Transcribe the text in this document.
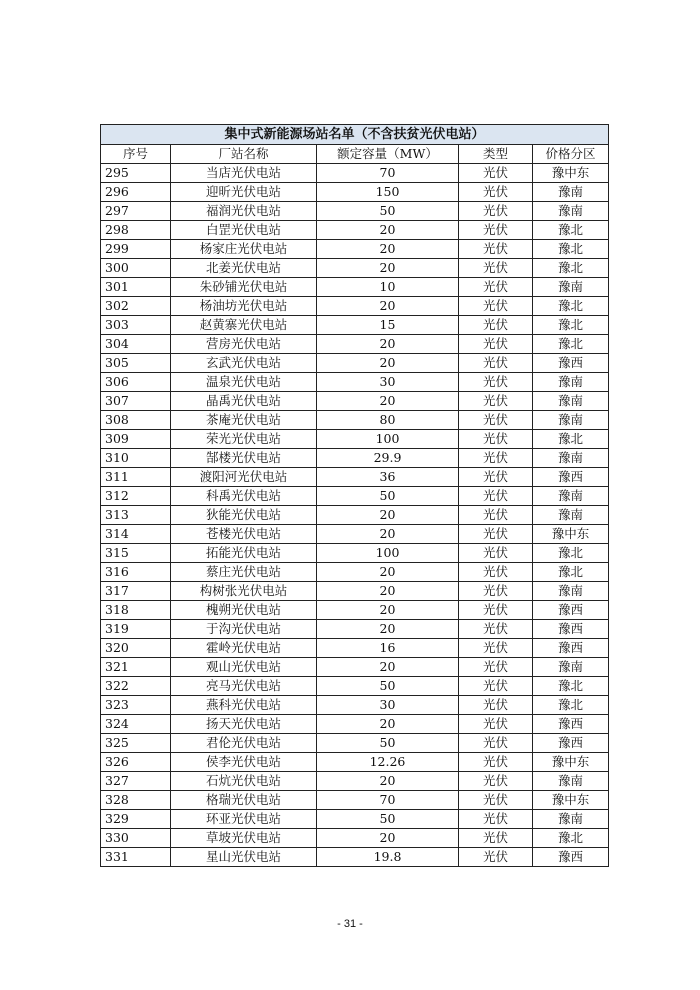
集中式新能源场站名单（不含扶贫光伏电站）				
序号	厂站名称	额定容量（MW）	类型	价格分区
295	当店光伏电站	70	光伏	豫中东
296	迎昕光伏电站	150	光伏	豫南
297	福润光伏电站	50	光伏	豫南
298	白罡光伏电站	20	光伏	豫北
299	杨家庄光伏电站	20	光伏	豫北
300	北姜光伏电站	20	光伏	豫北
301	朱砂铺光伏电站	10	光伏	豫南
302	杨油坊光伏电站	20	光伏	豫北
303	赵黄寨光伏电站	15	光伏	豫北
304	营房光伏电站	20	光伏	豫北
305	玄武光伏电站	20	光伏	豫西
306	温泉光伏电站	30	光伏	豫南
307	晶禹光伏电站	20	光伏	豫南
308	茶庵光伏电站	80	光伏	豫南
309	荣光光伏电站	100	光伏	豫北
310	郜楼光伏电站	29.9	光伏	豫南
311	渡阳河光伏电站	36	光伏	豫西
312	科禹光伏电站	50	光伏	豫南
313	狄能光伏电站	20	光伏	豫南
314	苍楼光伏电站	20	光伏	豫中东
315	拓能光伏电站	100	光伏	豫北
316	蔡庄光伏电站	20	光伏	豫北
317	构树张光伏电站	20	光伏	豫南
318	槐朔光伏电站	20	光伏	豫西
319	于沟光伏电站	20	光伏	豫西
320	霍岭光伏电站	16	光伏	豫西
321	观山光伏电站	20	光伏	豫南
322	亮马光伏电站	50	光伏	豫北
323	燕科光伏电站	30	光伏	豫北
324	扬天光伏电站	20	光伏	豫西
325	君伦光伏电站	50	光伏	豫西
326	侯李光伏电站	12.26	光伏	豫中东
327	石炕光伏电站	20	光伏	豫南
328	格瑞光伏电站	70	光伏	豫中东
329	环亚光伏电站	50	光伏	豫南
330	草坡光伏电站	20	光伏	豫北
331	星山光伏电站	19.8	光伏	豫西
- 31 -
